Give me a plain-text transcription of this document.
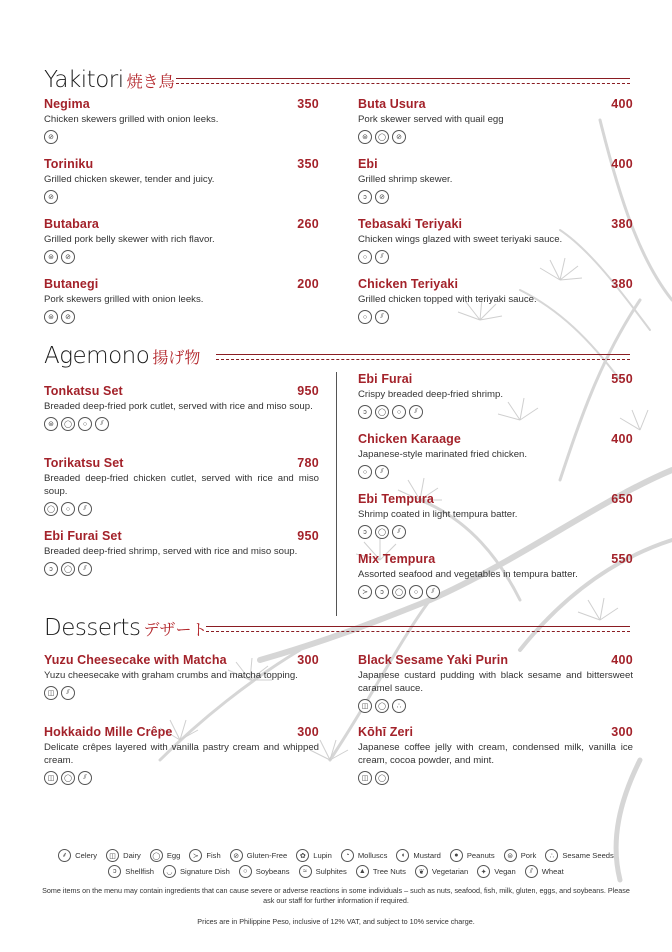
Yakitori 焼き鳥
Negima	350
Chicken skewers grilled with onion leeks.
⊘
Toriniku	350
Grilled chicken skewer, tender and juicy.
⊘
Butabara	260
Grilled pork belly skewer with rich flavor.
⊜	⊘
Butanegi	200
Pork skewers grilled with onion leeks.
⊜	⊘
Buta Usura	400
Pork skewer served with quail egg
⊜	◯	⊘
Ebi	400
Grilled shrimp skewer.
ↄ	⊘
Tebasaki Teriyaki	380
Chicken wings glazed with sweet teriyaki sauce.
○	⫽
Chicken Teriyaki	380
Grilled chicken topped with teriyaki sauce.
○	⫽
Agemono 揚げ物
Tonkatsu Set	950
Breaded deep-fried pork cutlet, served with rice and miso soup.
⊜	◯	○	⫽
Torikatsu Set	780
Breaded deep-fried chicken cutlet, served with rice and miso soup.
◯	○	⫽
Ebi Furai Set	950
Breaded deep-fried shrimp, served with rice and miso soup.
ↄ	◯	⫽
Ebi Furai	550
Crispy breaded deep-fried shrimp.
ↄ	◯	○	⫽
Chicken Karaage	400
Japanese-style marinated fried chicken.
○	⫽
Ebi Tempura	650
Shrimp coated in light tempura batter.
ↄ	◯	⫽
Mix Tempura	550
Assorted seafood and vegetables in tempura batter.
≻	ↄ	◯	○	⫽
Desserts デザート
Yuzu Cheesecake with Matcha	300
Yuzu cheesecake with graham crumbs and matcha topping.
◫	⫽
Hokkaido Mille Crêpe	300
Delicate crêpes layered with vanilla pastry cream and whipped cream.
◫	◯	⫽
Black Sesame Yaki Purin	400
Japanese custard pudding with black sesame and bittersweet caramel sauce.
◫	◯	∴
Kōhī Zeri	300
Japanese coffee jelly with cream, condensed milk, vanilla ice cream, cocoa powder, and mint.
◫	◯
⸙	Celery	◫ Dairy	◯ Egg	≻ Fish	⊘ Gluten-Free	✿ Lupin	◔	Molluscs	◖	Mustard	●	Peanuts	⊜ Pork	∴	Sesame Seeds
ↄ	Shellfish	◡ Signature Dish	○	Soybeans	≈	Sulphites	▲ Tree Nuts	❦ Vegetarian	✦ Vegan	⫽	Wheat
Some items on the menu may contain ingredients that can cause severe or adverse reactions in some individuals – such as nuts, seafood, fish, milk, gluten, eggs, and soybeans. Please ask our staff for further information if required.
Prices are in Philippine Peso, inclusive of 12% VAT, and subject to 10% service charge.
